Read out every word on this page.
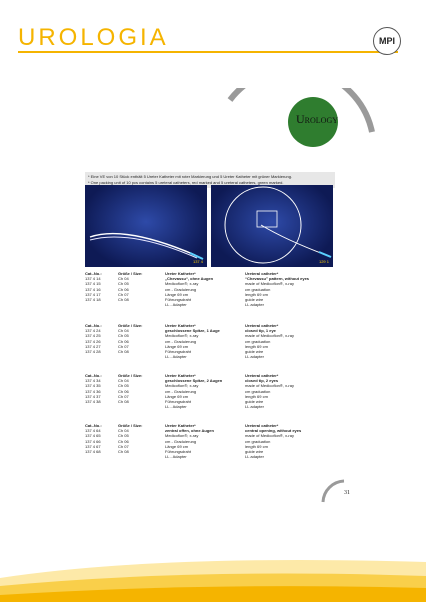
UROLOGIA	MPI
Urology
* Eine VE von 10 Stück enthält 5 Ureter Katheter mit roter Markierung und 5 Ureter Katheter mit grüner Markierung.
* One packing unit of 10 pcs contains 5 ureteral catheters, red marked and 5 ureteral catheters, green marked.
137 4	129 1
Cat.-No.:
137 4 14
137 4 15
137 4 16
137 4 17
137 4 18
Größe / Size:
Ch 04
Ch 05
Ch 06
Ch 07
Ch 08
Ureter Katheter*
„Chevassu“, ohne Augen
Medicoflon®, x-ray
cm - Graduierung
Länge 69 cm
Führungsdraht
LL - Adapter
Ureteral catheter*
“Chevassu” pattern, without eyes
made of Medicoflon®, x-ray
cm graduation
length 69 cm
guide wire
LL adapter
Cat.-No.:
137 4 24
137 4 25
137 4 26
137 4 27
137 4 28
Größe / Size:
Ch 04
Ch 05
Ch 06
Ch 07
Ch 08
Ureter Katheter*
geschlossene Spitze, 1 Auge
Medicoflon®, x-ray
cm - Graduierung
Länge 69 cm
Führungsdraht
LL - Adapter
Ureteral catheter*
closed tip, 1 eye
made of Medicoflon®, x-ray
cm graduation
length 69 cm
guide wire
LL adapter
Cat.-No.:
137 4 34
137 4 35
137 4 36
137 4 37
137 4 38
Größe / Size:
Ch 04
Ch 05
Ch 06
Ch 07
Ch 08
Ureter Katheter*
geschlossene Spitze, 2 Augen
Medicoflon®, x-ray
cm - Graduierung
Länge 69 cm
Führungsdraht
LL - Adapter
Ureteral catheter*
closed tip, 2 eyes
made of Medicoflon®, x-ray
cm graduation
length 69 cm
guide wire
LL adapter
Cat.-No.:
137 4 64
137 4 65
137 4 66
137 4 67
137 4 68
Größe / Size:
Ch 04
Ch 05
Ch 06
Ch 07
Ch 08
Ureter Katheter*
zentral offen, ohne Augen
Medicoflon®, x-ray
cm - Graduierung
Länge 69 cm
Führungsdraht
LL - Adapter
Ureteral catheter*
central opening, without eyes
made of Medicoflon®, x-ray
cm graduation
length 69 cm
guide wire
LL adapter
31
